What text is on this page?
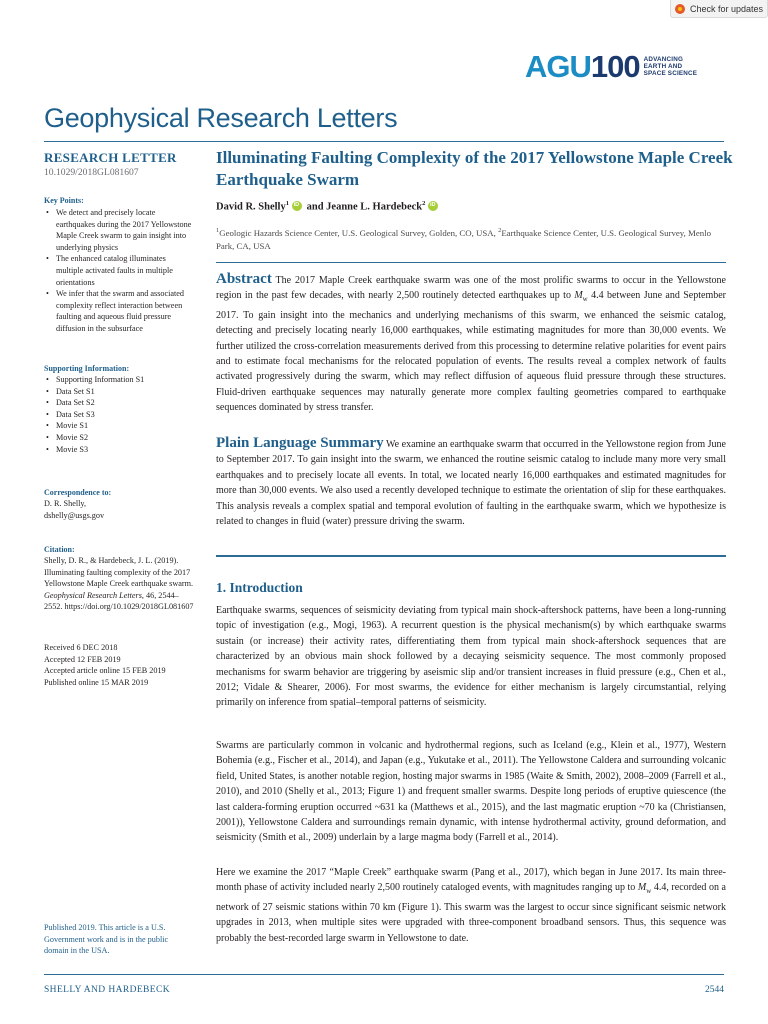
Check for updates
AGU100 ADVANCING
EARTH AND
SPACE SCIENCE
Geophysical Research Letters
RESEARCH LETTER
10.1029/2018GL081607
Key Points:
• We detect and precisely locate earthquakes during the 2017 Yellowstone Maple Creek swarm to gain insight into underlying physics
• The enhanced catalog illuminates multiple activated faults in multiple orientations
• We infer that the swarm and associated complexity reflect interaction between faulting and aqueous fluid pressure diffusion in the subsurface
Supporting Information:
• Supporting Information S1
• Data Set S1
• Data Set S2
• Data Set S3
• Movie S1
• Movie S2
• Movie S3
Correspondence to:
D. R. Shelly,
dshelly@usgs.gov
Citation:
Shelly, D. R., & Hardebeck, J. L. (2019). Illuminating faulting complexity of the 2017 Yellowstone Maple Creek earthquake swarm. Geophysical Research Letters, 46, 2544–2552. https://doi.org/10.1029/2018GL081607
Received 6 DEC 2018
Accepted 12 FEB 2019
Accepted article online 15 FEB 2019
Published online 15 MAR 2019
Published 2019. This article is a U.S. Government work and is in the public domain in the USA.
Illuminating Faulting Complexity of the 2017 Yellowstone Maple Creek Earthquake Swarm
David R. Shelly$^1$iD and Jeanne L. Hardebeck$^2$iD
$^1$Geologic Hazards Science Center, U.S. Geological Survey, Golden, CO, USA, $^2$Earthquake Science Center, U.S. Geological Survey, Menlo Park, CA, USA
Abstract The 2017 Maple Creek earthquake swarm was one of the most prolific swarms to occur in the Yellowstone region in the past few decades, with nearly 2,500 routinely detected earthquakes up to $M_w$ 4.4 between June and September 2017. To gain insight into the mechanics and underlying mechanisms of this swarm, we enhanced the seismic catalog, detecting and precisely locating nearly 16,000 earthquakes, while estimating magnitudes for more than 30,000 events. We further utilized the cross-correlation measurements derived from this processing to determine relative polarities for event pairs and to estimate focal mechanisms for the relocated population of events. The results reveal a complex network of faults activated progressively during the swarm, which may reflect diffusion of aqueous fluid pressure through these structures. Fluid-driven earthquake sequences may naturally generate more complex faulting geometries compared to earthquake sequences dominated by stress transfer.
Plain Language Summary We examine an earthquake swarm that occurred in the Yellowstone region from June to September 2017. To gain insight into the swarm, we enhanced the routine seismic catalog to include many more very small earthquakes and to precisely locate all events. In total, we located nearly 16,000 earthquakes and estimated magnitudes for more than 30,000 events. We also used a recently developed technique to estimate the orientation of slip for these earthquakes. This analysis reveals a complex spatial and temporal evolution of faulting in the earthquake swarm, which we hypothesize is related to changes in fluid (water) pressure driving the swarm.
1. Introduction
Earthquake swarms, sequences of seismicity deviating from typical main shock-aftershock patterns, have been a long-running topic of investigation (e.g., Mogi, 1963). A recurrent question is the physical mechanism(s) by which earthquake swarms sustain (or increase) their activity rates, differentiating them from typical main shock-aftershock sequences that are characterized by an obvious main shock followed by a decaying seismicity sequence. The most commonly proposed mechanisms for swarm behavior are triggering by aseismic slip and/or transient increases in fluid pressure (e.g., Chen et al., 2012; Vidale & Shearer, 2006). For most swarms, the evidence for either mechanism is largely circumstantial, relying primarily on inference from spatial–temporal patterns of seismicity.
Swarms are particularly common in volcanic and hydrothermal regions, such as Iceland (e.g., Klein et al., 1977), Western Bohemia (e.g., Fischer et al., 2014), and Japan (e.g., Yukutake et al., 2011). The Yellowstone Caldera and surrounding volcanic field, United States, is another notable region, hosting major swarms in 1985 (Waite & Smith, 2002), 2008–2009 (Farrell et al., 2010), and 2010 (Shelly et al., 2013; Figure 1) and frequent smaller swarms. Despite long periods of eruptive quiescence (the last caldera-forming eruption occurred ~631 ka (Matthews et al., 2015), and the last magmatic eruption ~70 ka (Christiansen, 2001)), Yellowstone Caldera and surroundings remain dynamic, with intense hydrothermal activity, ground deformation, and seismicity (Smith et al., 2009) underlain by a large magma body (Farrell et al., 2014).
Here we examine the 2017 “Maple Creek” earthquake swarm (Pang et al., 2017), which began in June 2017. Its main three-month phase of activity included nearly 2,500 routinely cataloged events, with magnitudes ranging up to $M_w$ 4.4, recorded on a network of 27 seismic stations within 70 km (Figure 1). This swarm was the largest to occur since significant seismic network upgrades in 2013, when multiple sites were upgraded with three-component broadband sensors. Thus, this sequence was probably the best-recorded large swarm in Yellowstone to date.
SHELLY AND HARDEBECK	2544
